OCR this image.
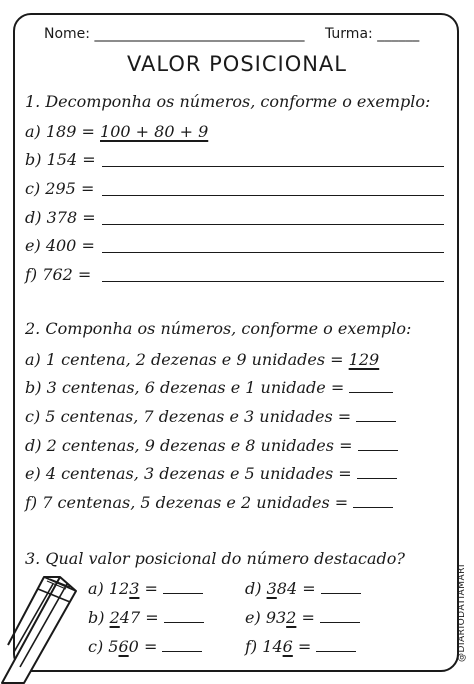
Nome: ______________________________ Turma: ______
VALOR POSICIONAL
1. Decomponha os números, conforme o exemplo:
a) 189 = 100 + 80 + 9
b) 154 =
c) 295 =
d) 378 =
e) 400 =
f) 762 =
2. Componha os números, conforme o exemplo:
a) 1 centena, 2 dezenas e 9 unidades = 129
b) 3 centenas, 6 dezenas e 1 unidade =
c) 5 centenas, 7 dezenas e 3 unidades =
d) 2 centenas, 9 dezenas e 8 unidades =
e) 4 centenas, 3 dezenas e 5 unidades =
f) 7 centenas, 5 dezenas e 2 unidades =
3. Qual valor posicional do número destacado?
a) 123 =
b) 247 =
c) 560 =
d) 384 =
e) 932 =
f) 146 =	@DIARIODATIAMARI
